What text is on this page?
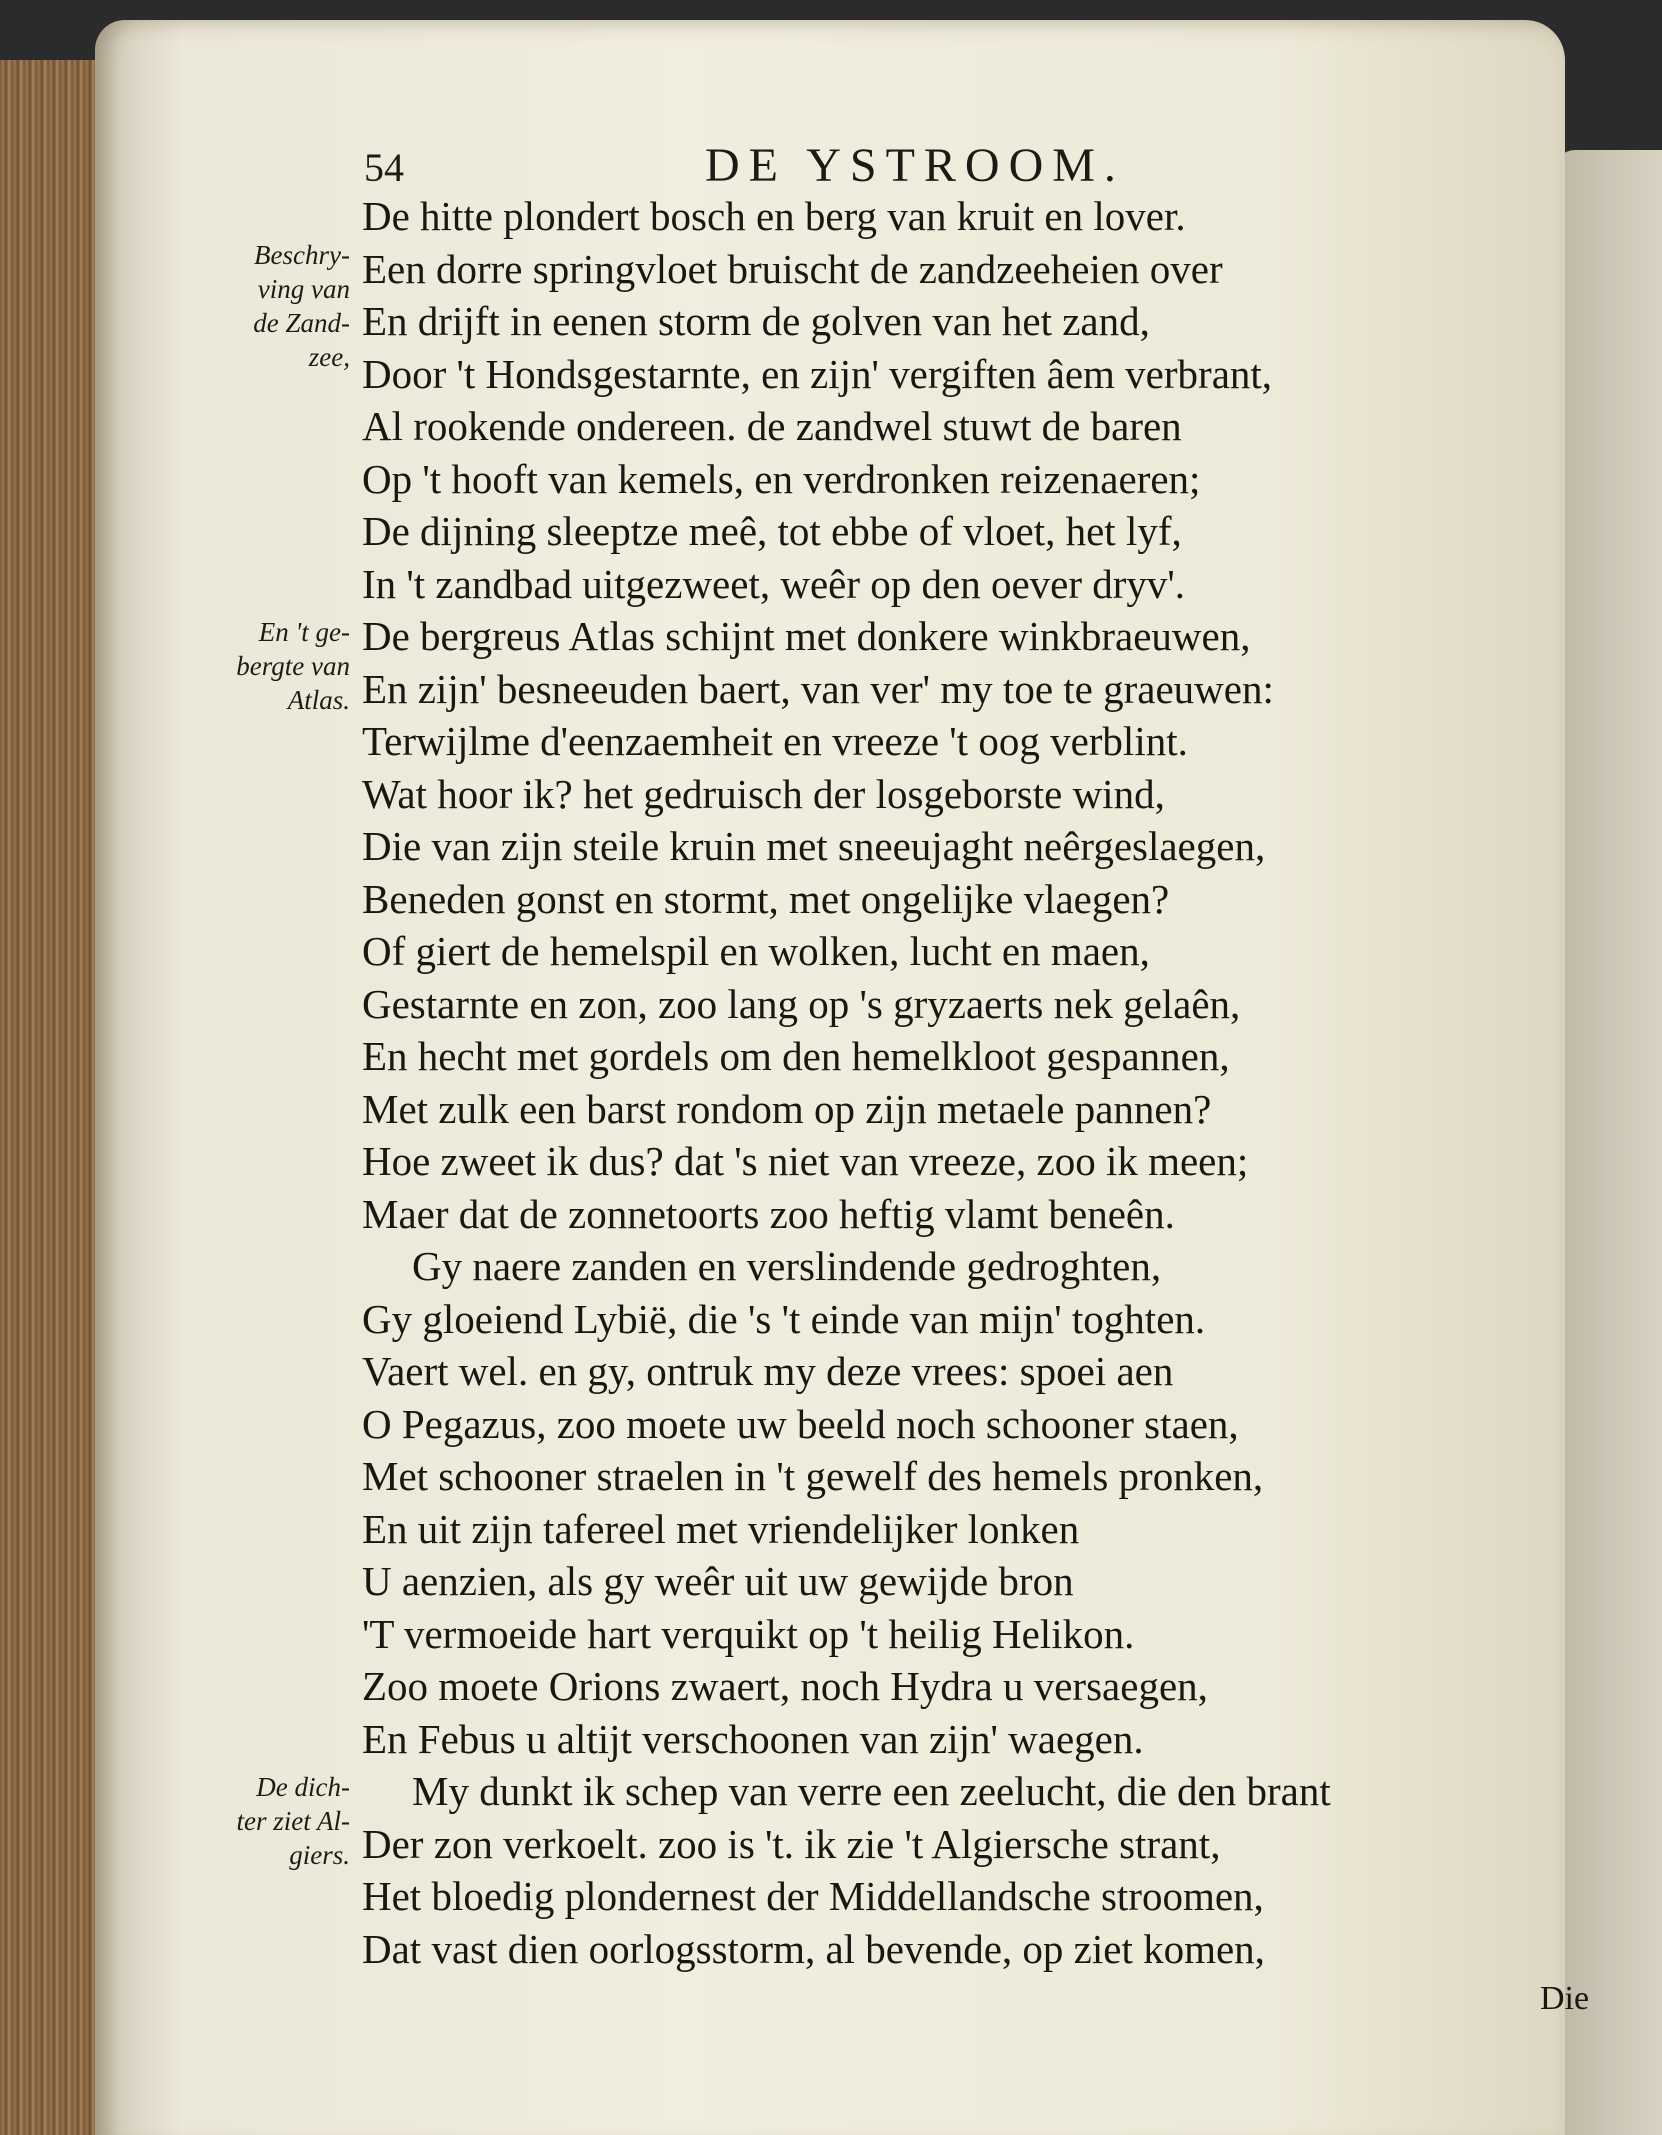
54	DE YSTROOM.
Beschry-
ving van
de Zand-
zee,
En 't ge-
bergte van
Atlas.
De dich-
ter ziet Al-
giers.
De hitte plondert bosch en berg van kruit en lover.
Een dorre springvloet bruischt de zandzeeheien over
En drijft in eenen storm de golven van het zand,
Door 't Hondsgestarnte, en zijn' vergiften âem verbrant,
Al rookende ondereen. de zandwel stuwt de baren
Op 't hooft van kemels, en verdronken reizenaeren;
De dijning sleeptze meê, tot ebbe of vloet, het lyf,
In 't zandbad uitgezweet, weêr op den oever dryv'.
De bergreus Atlas schijnt met donkere winkbraeuwen,
En zijn' besneeuden baert, van ver' my toe te graeuwen:
Terwijlme d'eenzaemheit en vreeze 't oog verblint.
Wat hoor ik? het gedruisch der losgeborste wind,
Die van zijn steile kruin met sneeujaght neêrgeslaegen,
Beneden gonst en stormt, met ongelijke vlaegen?
Of giert de hemelspil en wolken, lucht en maen,
Gestarnte en zon, zoo lang op 's gryzaerts nek gelaên,
En hecht met gordels om den hemelkloot gespannen,
Met zulk een barst rondom op zijn metaele pannen?
Hoe zweet ik dus? dat 's niet van vreeze, zoo ik meen;
Maer dat de zonnetoorts zoo heftig vlamt beneên.
Gy naere zanden en verslindende gedroghten,
Gy gloeiend Lybië, die 's 't einde van mijn' toghten.
Vaert wel. en gy, ontruk my deze vrees: spoei aen
O Pegazus, zoo moete uw beeld noch schooner staen,
Met schooner straelen in 't gewelf des hemels pronken,
En uit zijn tafereel met vriendelijker lonken
U aenzien, als gy weêr uit uw gewijde bron
'T vermoeide hart verquikt op 't heilig Helikon.
Zoo moete Orions zwaert, noch Hydra u versaegen,
En Febus u altijt verschoonen van zijn' waegen.
My dunkt ik schep van verre een zeelucht, die den brant
Der zon verkoelt. zoo is 't. ik zie 't Algiersche strant,
Het bloedig plondernest der Middellandsche stroomen,
Dat vast dien oorlogsstorm, al bevende, op ziet komen,
Die
